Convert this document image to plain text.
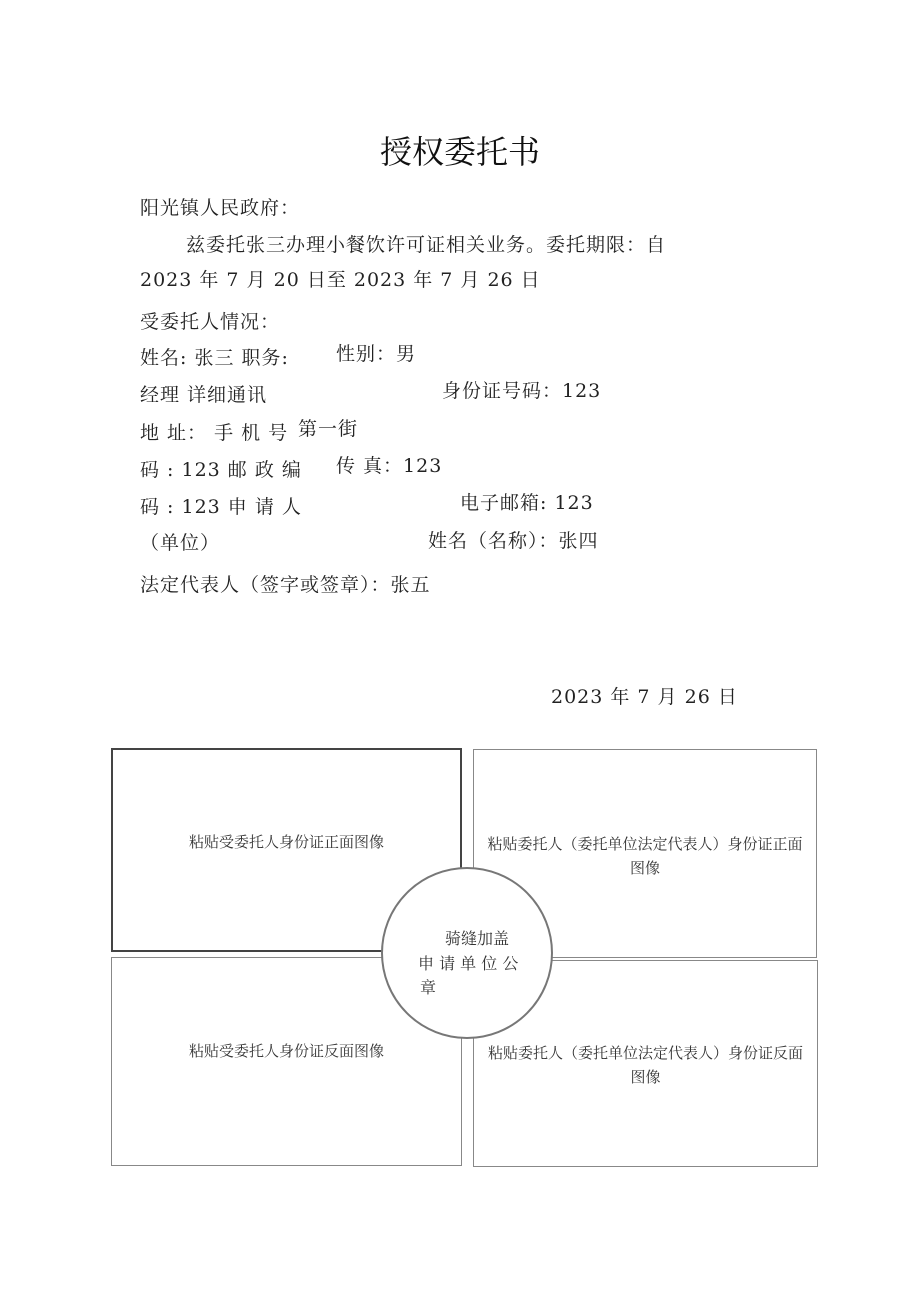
授权委托书
阳光镇人民政府：
兹委托张三办理小餐饮许可证相关业务。委托期限：自
2023 年 7 月 20 日至 2023 年 7 月 26 日
受委托人情况：
姓名: 张三 职务: 性别：男
经理 详细通讯	身份证号码：123
地 址： 手 机 号 第一街
码 : 123 邮 政 编 传 真：123
码 : 123 申 请 人	电子邮箱: 123
（单位）	姓名（名称）：张四
法定代表人（签字或签章）：张五
2023 年 7 月 26 日
粘贴受委托人身份证正面图像	粘贴委托人（委托单位法定代表人）身份证正面图像
粘贴受委托人身份证反面图像	粘贴委托人（委托单位法定代表人）身份证反面图像
骑缝加盖
申 请 单 位 公
章
